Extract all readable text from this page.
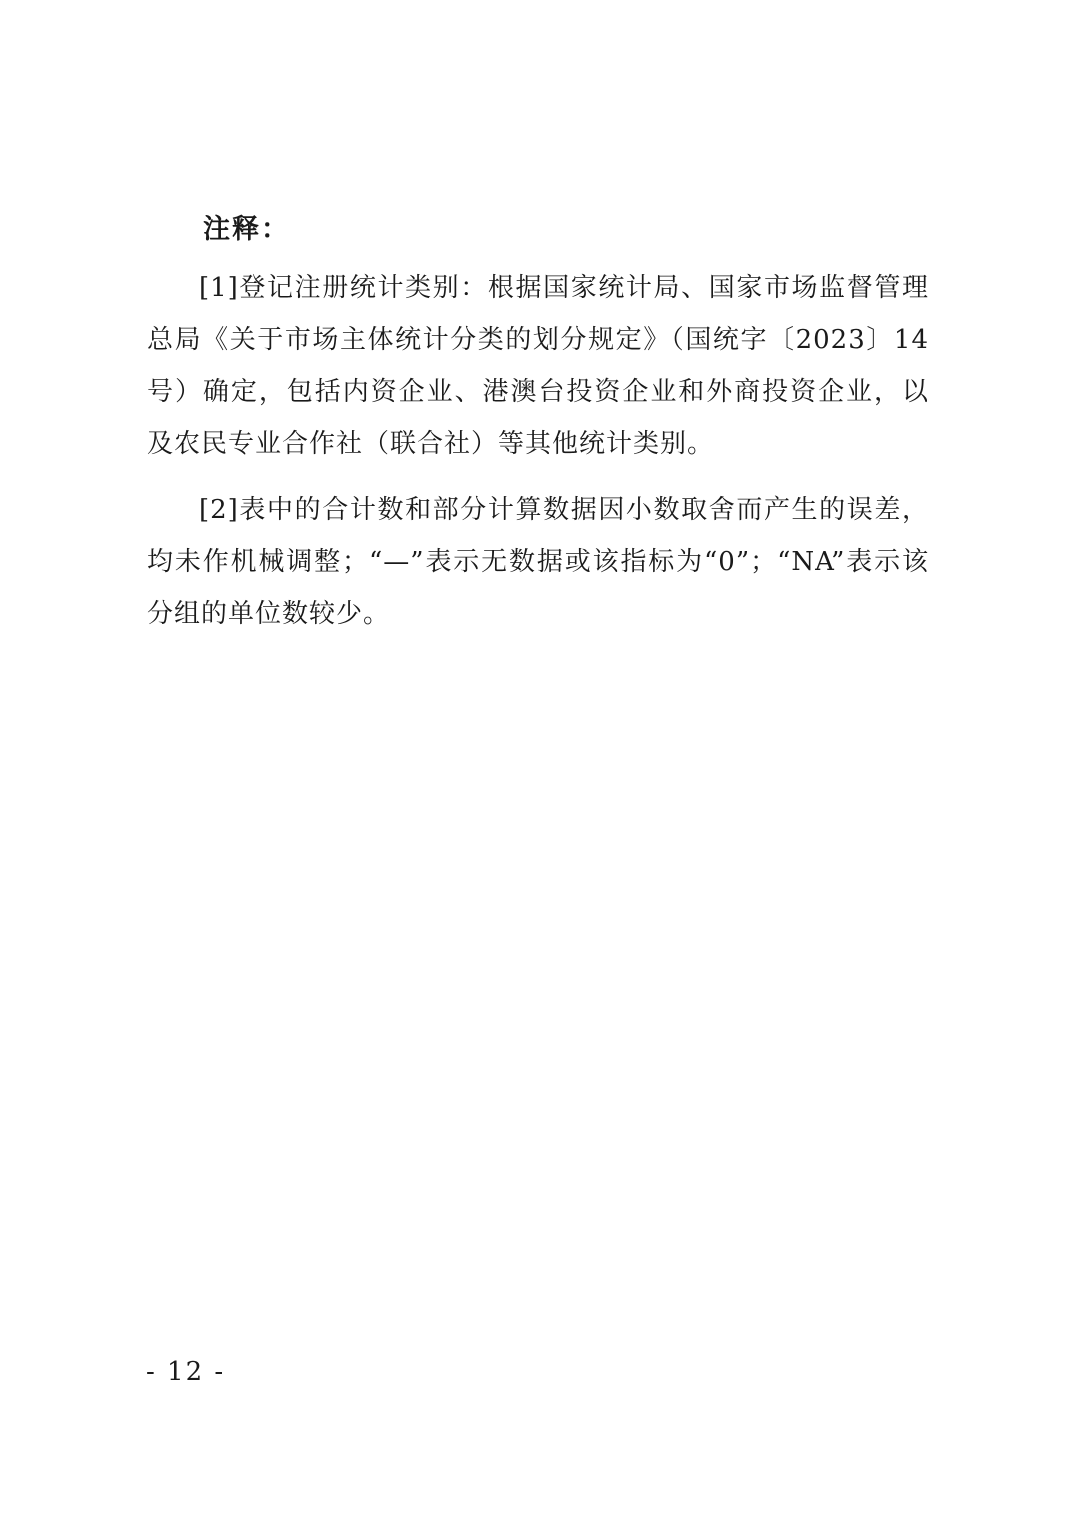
注释：

[1]登记注册统计类别：根据国家统计局、国家市场监督管理总局《关于市场主体统计分类的划分规定》（国统字〔2023〕14号）确定，包括内资企业、港澳台投资企业和外商投资企业，以及农民专业合作社（联合社）等其他统计类别。

[2]表中的合计数和部分计算数据因小数取舍而产生的误差，均未作机械调整；“—”表示无数据或该指标为“0”；“NA”表示该分组的单位数较少。

- 12 -
